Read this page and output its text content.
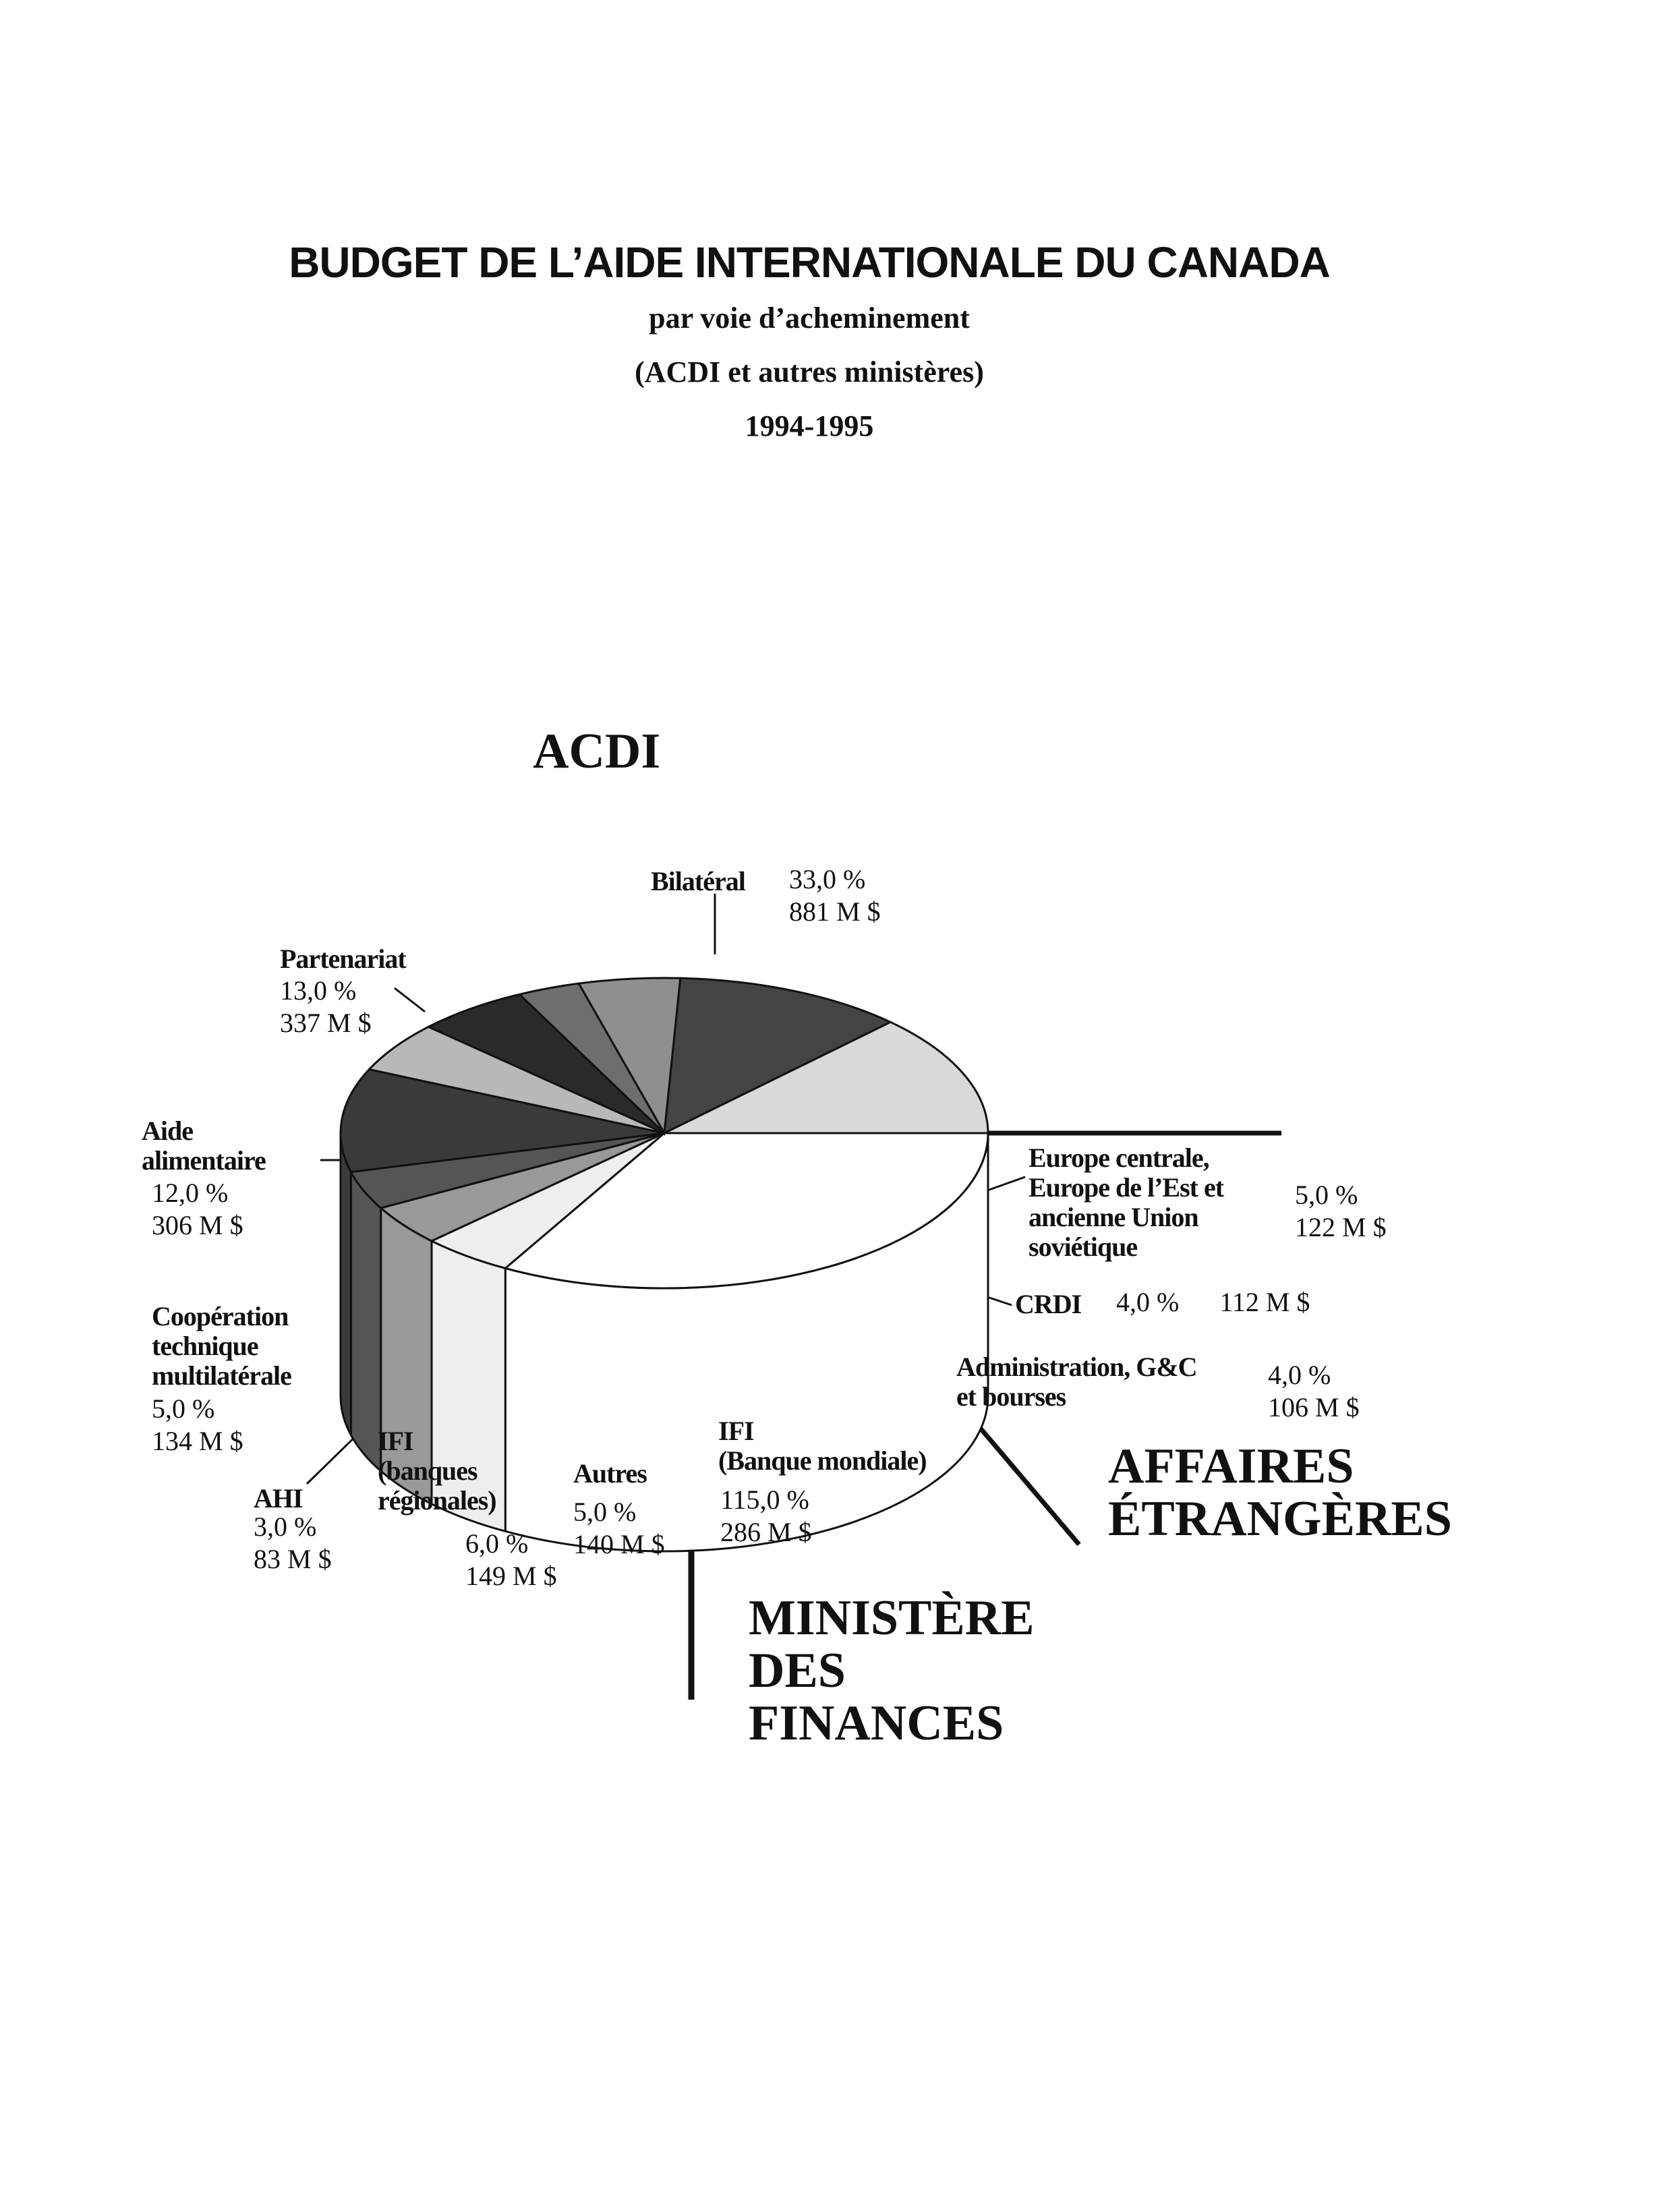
BUDGET DE L’AIDE INTERNATIONALE DU CANADA
par voie d’acheminement
(ACDI et autres ministères)
1994-1995
ACDI
AFFAIRES
ÉTRANGÈRES
MINISTÈRE
DES
FINANCES
Bilatéral 33,0 %
881 M $
Europe centrale,
Europe de l’Est et
ancienne Union
soviétique
5,0 %
122 M $
CRDI 4,0 % 112 M $
Administration, G&C
et bourses
4,0 %
106 M $
IFI
(Banque mondiale)
115,0 %
286 M $
Autres
5,0 %
140 M $
IFI
(banques
régionales)
6,0 %
149 M $
AHI
3,0 %
83 M $
Coopération
technique
multilatérale
5,0 %
134 M $
Aide
alimentaire
12,0 %
306 M $
Partenariat
13,0 %
337 M $
